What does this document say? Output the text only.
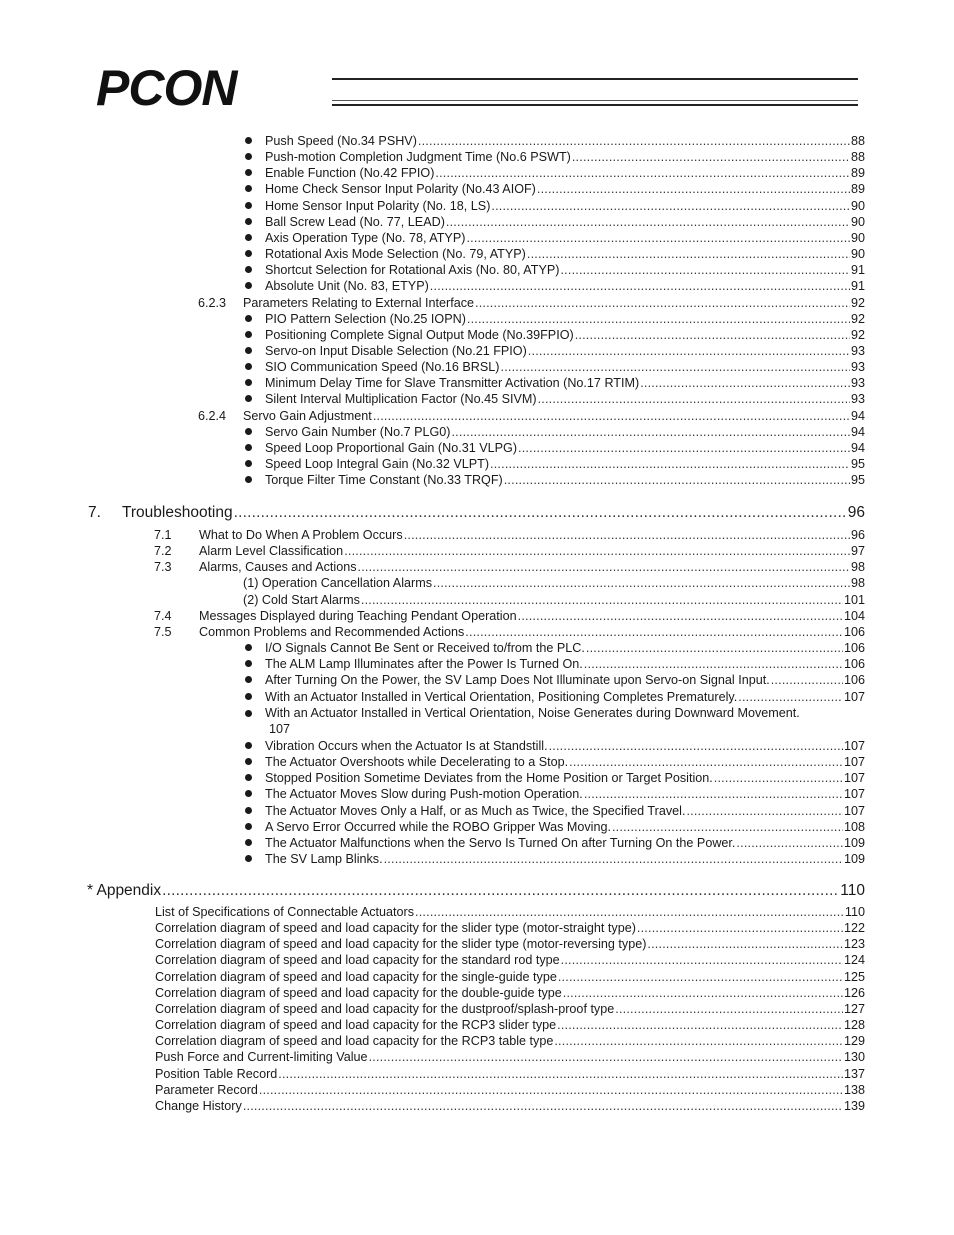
PCON
Push Speed (No.34 PSHV) .....	88
Push-motion Completion Judgment Time (No.6 PSWT) .....	88
Enable Function (No.42 FPIO) .....	89
Home Check Sensor Input Polarity (No.43 AIOF) .....	89
Home Sensor Input Polarity (No. 18, LS) .....	90
Ball Screw Lead (No. 77, LEAD) .....	90
Axis Operation Type (No. 78, ATYP) .....	90
Rotational Axis Mode Selection (No. 79, ATYP) .....	90
Shortcut Selection for Rotational Axis (No. 80, ATYP) .....	91
Absolute Unit (No. 83, ETYP) .....	91
6.2.3 Parameters Relating to External Interface .....	92
PIO Pattern Selection (No.25 IOPN) .....	92
Positioning Complete Signal Output Mode (No.39FPIO) .....	92
Servo-on Input Disable Selection (No.21 FPIO) .....	93
SIO Communication Speed (No.16 BRSL) .....	93
Minimum Delay Time for Slave Transmitter Activation (No.17 RTIM) .....	93
Silent Interval Multiplication Factor (No.45 SIVM) .....	93
6.2.4 Servo Gain Adjustment .....	94
Servo Gain Number (No.7 PLG0) .....	94
Speed Loop Proportional Gain (No.31 VLPG) .....	94
Speed Loop Integral Gain (No.32 VLPT) .....	95
Torque Filter Time Constant (No.33 TRQF) .....	95
7. Troubleshooting .....	96
7.1 What to Do When A Problem Occurs .....	96
7.2 Alarm Level Classification .....	97
7.3 Alarms, Causes and Actions .....	98
(1) Operation Cancellation Alarms .....	98
(2) Cold Start Alarms .....	101
7.4 Messages Displayed during Teaching Pendant Operation .....	104
7.5 Common Problems and Recommended Actions .....	106
I/O Signals Cannot Be Sent or Received to/from the PLC. .....	106
The ALM Lamp Illuminates after the Power Is Turned On. .....	106
After Turning On the Power, the SV Lamp Does Not Illuminate upon Servo-on Signal Input. .....	106
With an Actuator Installed in Vertical Orientation, Positioning Completes Prematurely. .....	107
With an Actuator Installed in Vertical Orientation, Noise Generates during Downward Movement.
107
Vibration Occurs when the Actuator Is at Standstill. .....	107
The Actuator Overshoots while Decelerating to a Stop. .....	107
Stopped Position Sometime Deviates from the Home Position or Target Position. .....	107
The Actuator Moves Slow during Push-motion Operation. .....	107
The Actuator Moves Only a Half, or as Much as Twice, the Specified Travel. .....	107
A Servo Error Occurred while the ROBO Gripper Was Moving. .....	108
The Actuator Malfunctions when the Servo Is Turned On after Turning On the Power. .....	109
The SV Lamp Blinks. .....	109
* Appendix .....	110
List of Specifications of Connectable Actuators .....	110
Correlation diagram of speed and load capacity for the slider type (motor-straight type) .....	122
Correlation diagram of speed and load capacity for the slider type (motor-reversing type) .....	123
Correlation diagram of speed and load capacity for the standard rod type .....	124
Correlation diagram of speed and load capacity for the single-guide type .....	125
Correlation diagram of speed and load capacity for the double-guide type .....	126
Correlation diagram of speed and load capacity for the dustproof/splash-proof type .....	127
Correlation diagram of speed and load capacity for the RCP3 slider type .....	128
Correlation diagram of speed and load capacity for the RCP3 table type .....	129
Push Force and Current-limiting Value .....	130
Position Table Record .....	137
Parameter Record .....	138
Change History .....	139
